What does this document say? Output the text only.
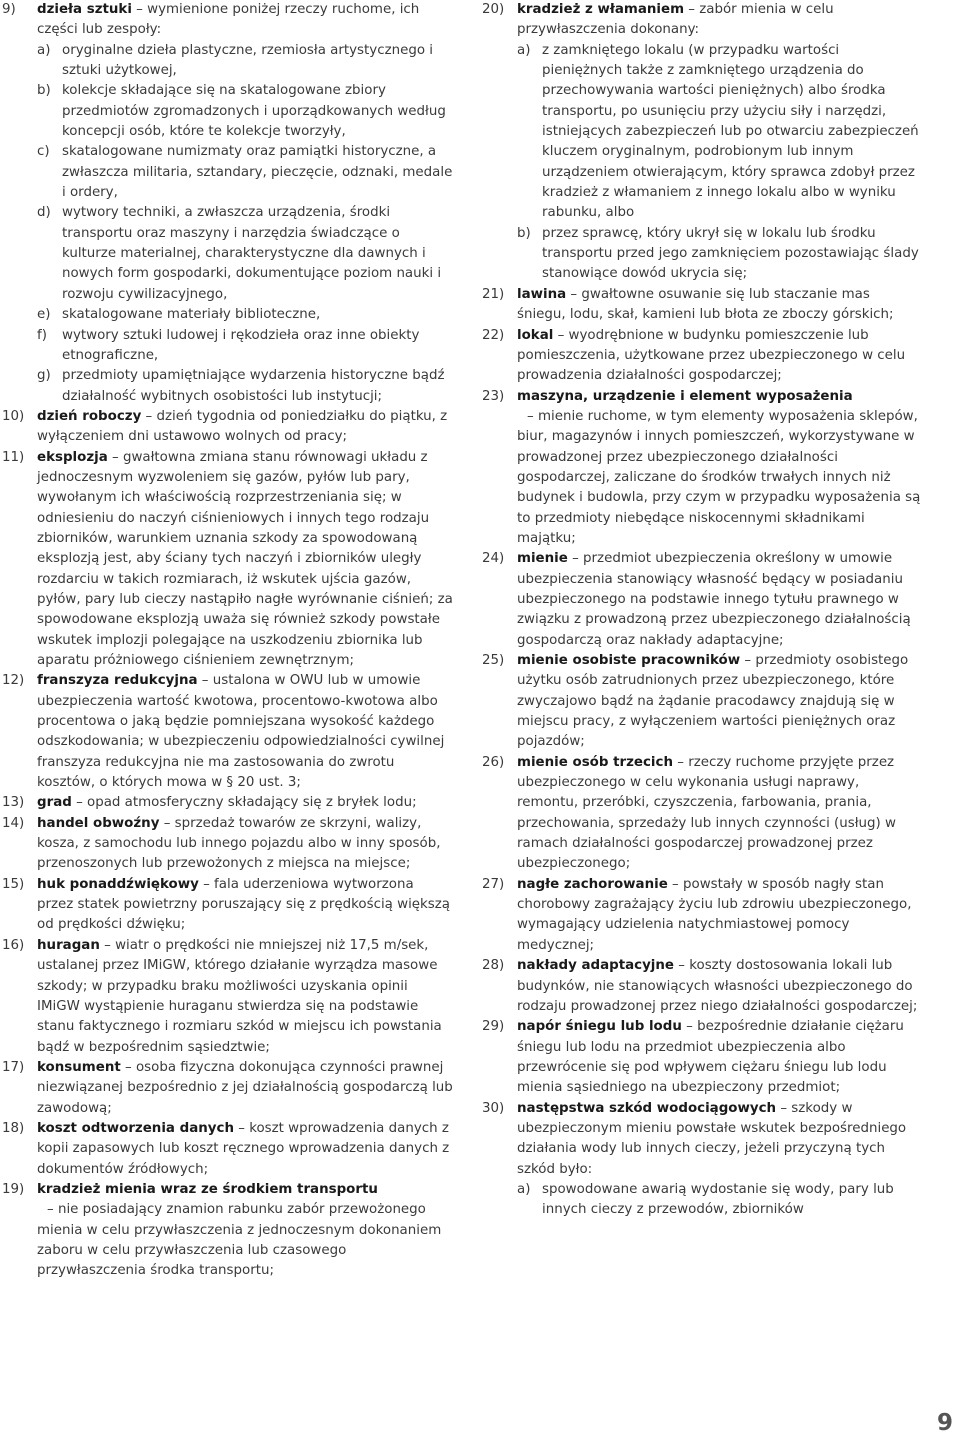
9) dzieła sztuki – wymienione poniżej rzeczy ruchome, ich części lub zespoły:
a) oryginalne dzieła plastyczne, rzemiosła artystycznego i sztuki użytkowej,
b) kolekcje składające się na skatalogowane zbiory przedmiotów zgromadzonych i uporządkowanych według koncepcji osób, które te kolekcje tworzyły,
c) skatalogowane numizmaty oraz pamiątki historyczne, a zwłaszcza militaria, sztandary, pieczęcie, odznaki, medale i ordery,
d) wytwory techniki, a zwłaszcza urządzenia, środki transportu oraz maszyny i narzędzia świadczące o kulturze materialnej, charakterystyczne dla dawnych i nowych form gospodarki, dokumentujące poziom nauki i rozwoju cywilizacyjnego,
e) skatalogowane materiały biblioteczne,
f) wytwory sztuki ludowej i rękodzieła oraz inne obiekty etnograficzne,
g) przedmioty upamiętniające wydarzenia historyczne bądź działalność wybitnych osobistości lub instytucji;
10) dzień roboczy – dzień tygodnia od poniedziałku do piątku, z wyłączeniem dni ustawowo wolnych od pracy;
11) eksplozja – gwałtowna zmiana stanu równowagi układu z jednoczesnym wyzwoleniem się gazów, pyłów lub pary, wywołanym ich właściwością rozprzestrzeniania się; w odniesieniu do naczyń ciśnieniowych i innych tego rodzaju zbiorników, warunkiem uznania szkody za spowodowaną eksplozją jest, aby ściany tych naczyń i zbiorników uległy rozdarciu w takich rozmiarach, iż wskutek ujścia gazów, pyłów, pary lub cieczy nastąpiło nagłe wyrównanie ciśnień; za spowodowane eksplozją uważa się również szkody powstałe wskutek implozji polegające na uszkodzeniu zbiornika lub aparatu próżniowego ciśnieniem zewnętrznym;
12) franszyza redukcyjna – ustalona w OWU lub w umowie ubezpieczenia wartość kwotowa, procentowo-kwotowa albo procentowa o jaką będzie pomniejszana wysokość każdego odszkodowania; w ubezpieczeniu odpowiedzialności cywilnej franszyza redukcyjna nie ma zastosowania do zwrotu kosztów, o których mowa w § 20 ust. 3;
13) grad – opad atmosferyczny składający się z bryłek lodu;
14) handel obwoźny – sprzedaż towarów ze skrzyni, walizy, kosza, z samochodu lub innego pojazdu albo w inny sposób, przenoszonych lub przewożonych z miejsca na miejsce;
15) huk ponaddźwiękowy – fala uderzeniowa wytworzona przez statek powietrzny poruszający się z prędkością większą od prędkości dźwięku;
16) huragan – wiatr o prędkości nie mniejszej niż 17,5 m/sek, ustalanej przez IMiGW, którego działanie wyrządza masowe szkody; w przypadku braku możliwości uzyskania opinii IMiGW wystąpienie huraganu stwierdza się na podstawie stanu faktycznego i rozmiaru szkód w miejscu ich powstania bądź w bezpośrednim sąsiedztwie;
17) konsument – osoba fizyczna dokonująca czynności prawnej niezwiązanej bezpośrednio z jej działalnością gospodarczą lub zawodową;
18) koszt odtworzenia danych – koszt wprowadzenia danych z kopii zapasowych lub koszt ręcznego wprowadzenia danych z dokumentów źródłowych;
19) kradzież mienia wraz ze środkiem transportu
– nie posiadający znamion rabunku zabór przewożonego mienia w celu przywłaszczenia z jednoczesnym dokonaniem zaboru w celu przywłaszczenia lub czasowego przywłaszczenia środka transportu;
20) kradzież z włamaniem – zabór mienia w celu przywłaszczenia dokonany:
a) z zamkniętego lokalu (w przypadku wartości pieniężnych także z zamkniętego urządzenia do przechowywania wartości pieniężnych) albo środka transportu, po usunięciu przy użyciu siły i narzędzi, istniejących zabezpieczeń lub po otwarciu zabezpieczeń kluczem oryginalnym, podrobionym lub innym urządzeniem otwierającym, który sprawca zdobył przez kradzież z włamaniem z innego lokalu albo w wyniku rabunku, albo
b) przez sprawcę, który ukrył się w lokalu lub środku transportu przed jego zamknięciem pozostawiając ślady stanowiące dowód ukrycia się;
21) lawina – gwałtowne osuwanie się lub staczanie mas śniegu, lodu, skał, kamieni lub błota ze zboczy górskich;
22) lokal – wyodrębnione w budynku pomieszczenie lub pomieszczenia, użytkowane przez ubezpieczonego w celu prowadzenia działalności gospodarczej;
23) maszyna, urządzenie i element wyposażenia
– mienie ruchome, w tym elementy wyposażenia sklepów, biur, magazynów i innych pomieszczeń, wykorzystywane w prowadzonej przez ubezpieczonego działalności gospodarczej, zaliczane do środków trwałych innych niż budynek i budowla, przy czym w przypadku wyposażenia są to przedmioty niebędące niskocennymi składnikami majątku;
24) mienie – przedmiot ubezpieczenia określony w umowie ubezpieczenia stanowiący własność będący w posiadaniu ubezpieczonego na podstawie innego tytułu prawnego w związku z prowadzoną przez ubezpieczonego działalnością gospodarczą oraz nakłady adaptacyjne;
25) mienie osobiste pracowników – przedmioty osobistego użytku osób zatrudnionych przez ubezpieczonego, które zwyczajowo bądź na żądanie pracodawcy znajdują się w miejscu pracy, z wyłączeniem wartości pieniężnych oraz pojazdów;
26) mienie osób trzecich – rzeczy ruchome przyjęte przez ubezpieczonego w celu wykonania usługi naprawy, remontu, przeróbki, czyszczenia, farbowania, prania, przechowania, sprzedaży lub innych czynności (usług) w ramach działalności gospodarczej prowadzonej przez ubezpieczonego;
27) nagłe zachorowanie – powstały w sposób nagły stan chorobowy zagrażający życiu lub zdrowiu ubezpieczonego, wymagający udzielenia natychmiastowej pomocy medycznej;
28) nakłady adaptacyjne – koszty dostosowania lokali lub budynków, nie stanowiących własności ubezpieczonego do rodzaju prowadzonej przez niego działalności gospodarczej;
29) napór śniegu lub lodu – bezpośrednie działanie ciężaru śniegu lub lodu na przedmiot ubezpieczenia albo przewrócenie się pod wpływem ciężaru śniegu lub lodu mienia sąsiedniego na ubezpieczony przedmiot;
30) następstwa szkód wodociągowych – szkody w ubezpieczonym mieniu powstałe wskutek bezpośredniego działania wody lub innych cieczy, jeżeli przyczyną tych szkód było:
a) spowodowane awarią wydostanie się wody, pary lub innych cieczy z przewodów, zbiorników
9
